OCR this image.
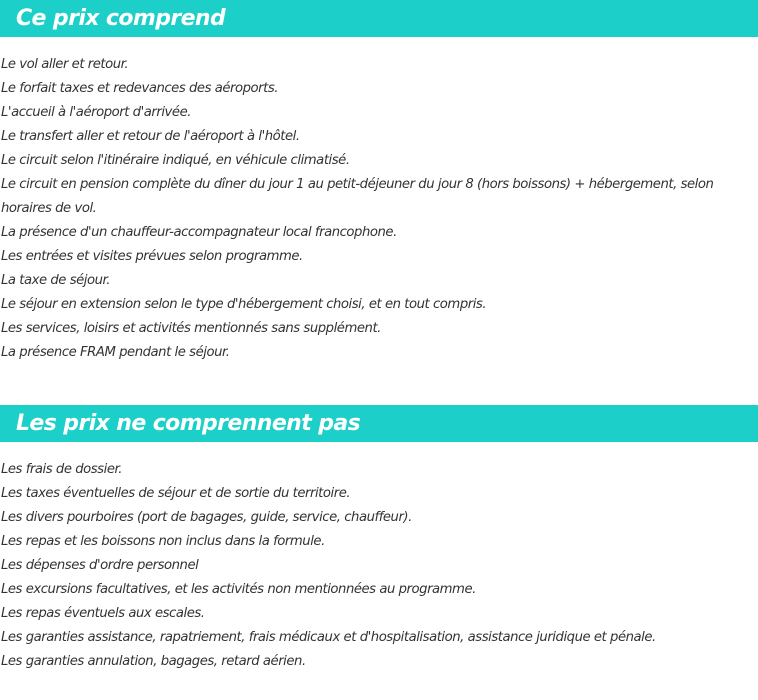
Ce prix comprend
Le vol aller et retour.
Le forfait taxes et redevances des aéroports.
L'accueil à l'aéroport d'arrivée.
Le transfert aller et retour de l'aéroport à l'hôtel.
Le circuit selon l'itinéraire indiqué, en véhicule climatisé.
Le circuit en pension complète du dîner du jour 1 au petit-déjeuner du jour 8 (hors boissons) + hébergement, selon horaires de vol.
La présence d'un chauffeur-accompagnateur local francophone.
Les entrées et visites prévues selon programme.
La taxe de séjour.
Le séjour en extension selon le type d'hébergement choisi, et en tout compris.
Les services, loisirs et activités mentionnés sans supplément.
La présence FRAM pendant le séjour.
Les prix ne comprennent pas
Les frais de dossier.
Les taxes éventuelles de séjour et de sortie du territoire.
Les divers pourboires (port de bagages, guide, service, chauffeur).
Les repas et les boissons non inclus dans la formule.
Les dépenses d'ordre personnel
Les excursions facultatives, et les activités non mentionnées au programme.
Les repas éventuels aux escales.
Les garanties assistance, rapatriement, frais médicaux et d'hospitalisation, assistance juridique et pénale.
Les garanties annulation, bagages, retard aérien.
